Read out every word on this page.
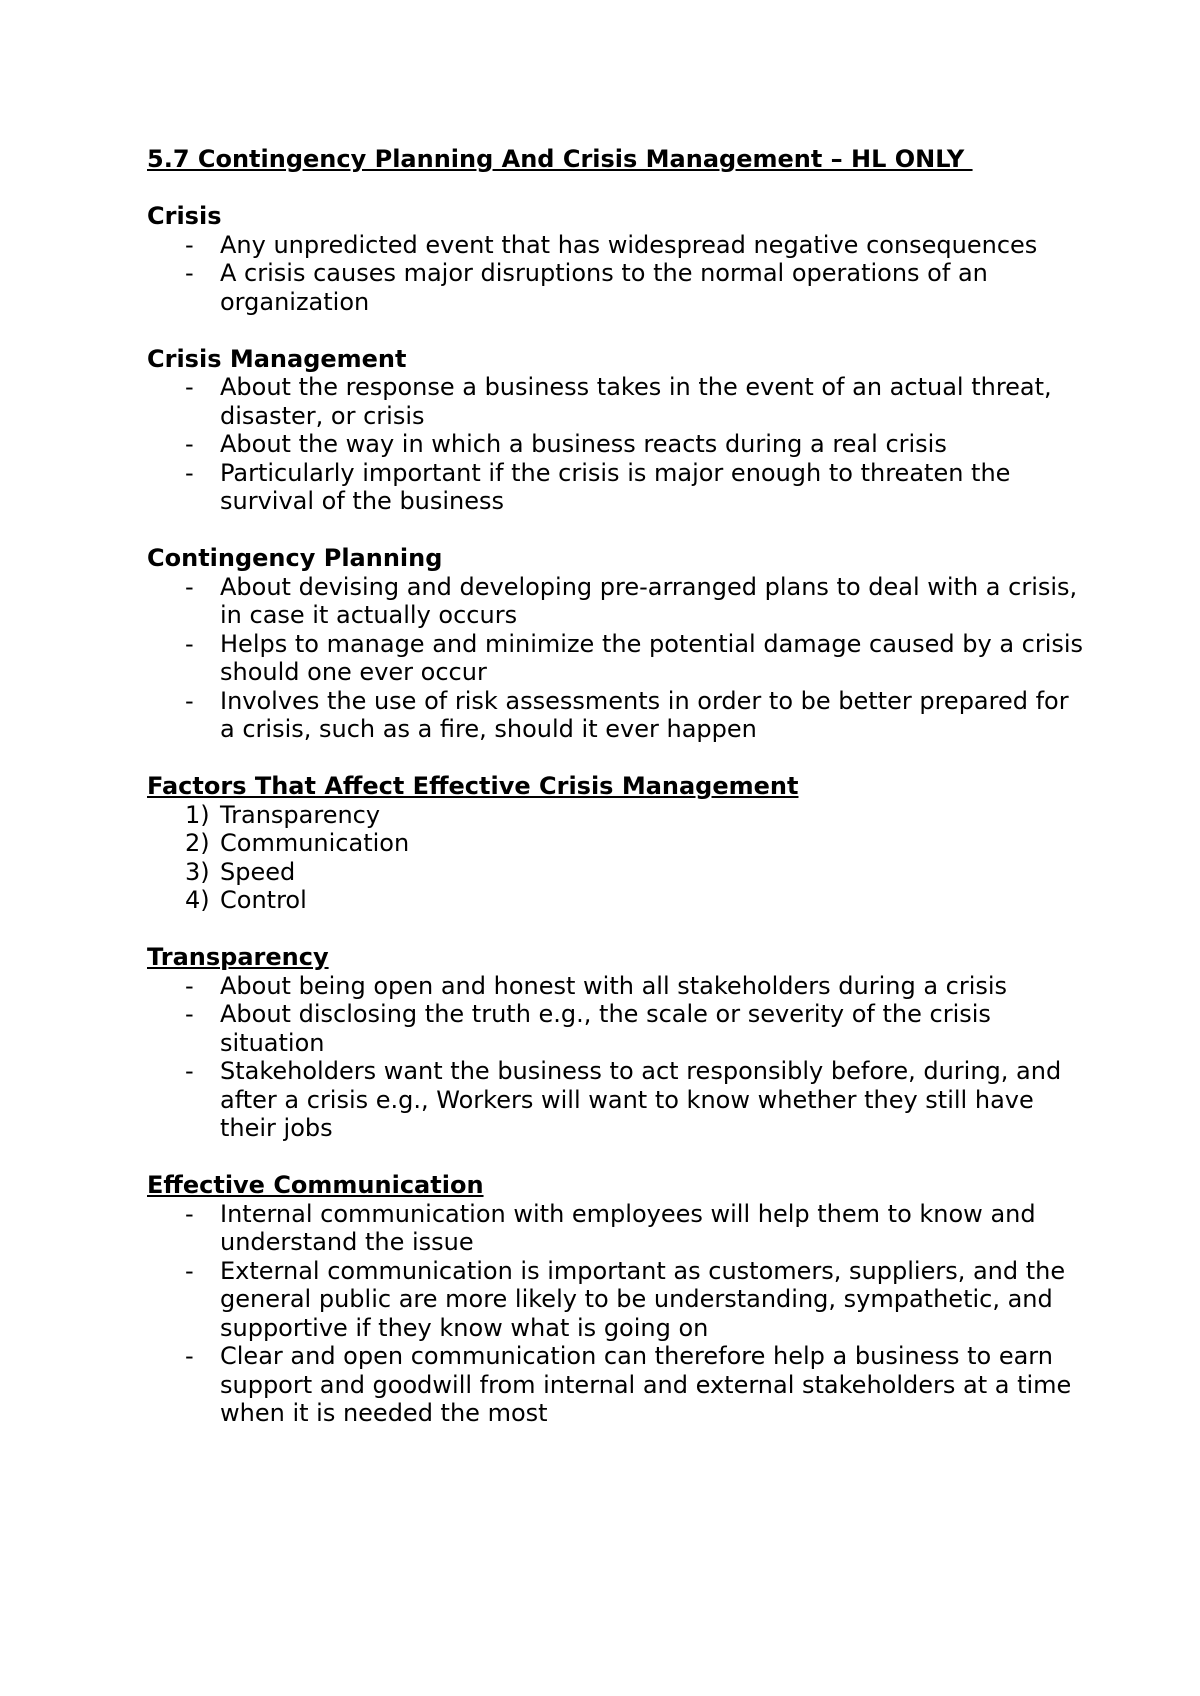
5.7 Contingency Planning And Crisis Management – HL ONLY
Crisis
- Any unpredicted event that has widespread negative consequences
- A crisis causes major disruptions to the normal operations of an organization
Crisis Management
- About the response a business takes in the event of an actual threat, disaster, or crisis
- About the way in which a business reacts during a real crisis
- Particularly important if the crisis is major enough to threaten the survival of the business
Contingency Planning
- About devising and developing pre-arranged plans to deal with a crisis, in case it actually occurs
- Helps to manage and minimize the potential damage caused by a crisis should one ever occur
- Involves the use of risk assessments in order to be better prepared for a crisis, such as a fire, should it ever happen
Factors That Affect Effective Crisis Management
1) Transparency
2) Communication
3) Speed
4) Control
Transparency
- About being open and honest with all stakeholders during a crisis
- About disclosing the truth e.g., the scale or severity of the crisis situation
- Stakeholders want the business to act responsibly before, during, and after a crisis e.g., Workers will want to know whether they still have their jobs
Effective Communication
- Internal communication with employees will help them to know and understand the issue
- External communication is important as customers, suppliers, and the general public are more likely to be understanding, sympathetic, and supportive if they know what is going on
- Clear and open communication can therefore help a business to earn support and goodwill from internal and external stakeholders at a time when it is needed the most
